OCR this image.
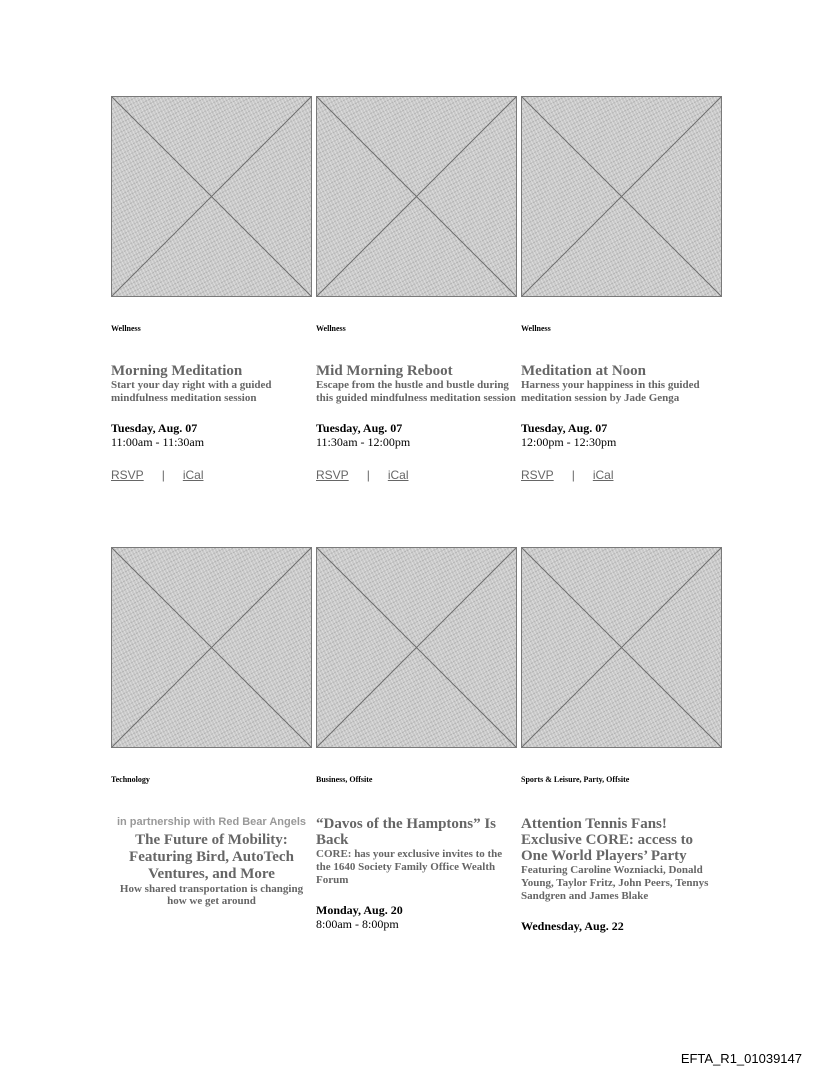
Wellness
Morning Meditation
Start your day right with a guided mindfulness meditation session
Tuesday, Aug. 07
11:00am - 11:30am
RSVP | iCal
Wellness
Mid Morning Reboot
Escape from the hustle and bustle during this guided mindfulness meditation session
Tuesday, Aug. 07
11:30am - 12:00pm
RSVP | iCal
Wellness
Meditation at Noon
Harness your happiness in this guided meditation session by Jade Genga
Tuesday, Aug. 07
12:00pm - 12:30pm
RSVP | iCal
Technology
in partnership with Red Bear Angels
The Future of Mobility: Featuring Bird, AutoTech Ventures, and More
How shared transportation is changing how we get around
Business, Offsite
“Davos of the Hamptons” Is Back
CORE: has your exclusive invites to the the 1640 Society Family Office Wealth Forum
Monday, Aug. 20
8:00am - 8:00pm
Sports & Leisure, Party, Offsite
Attention Tennis Fans! Exclusive CORE: access to One World Players’ Party
Featuring Caroline Wozniacki, Donald Young, Taylor Fritz, John Peers, Tennys Sandgren and James Blake
Wednesday, Aug. 22
EFTA_R1_01039147
